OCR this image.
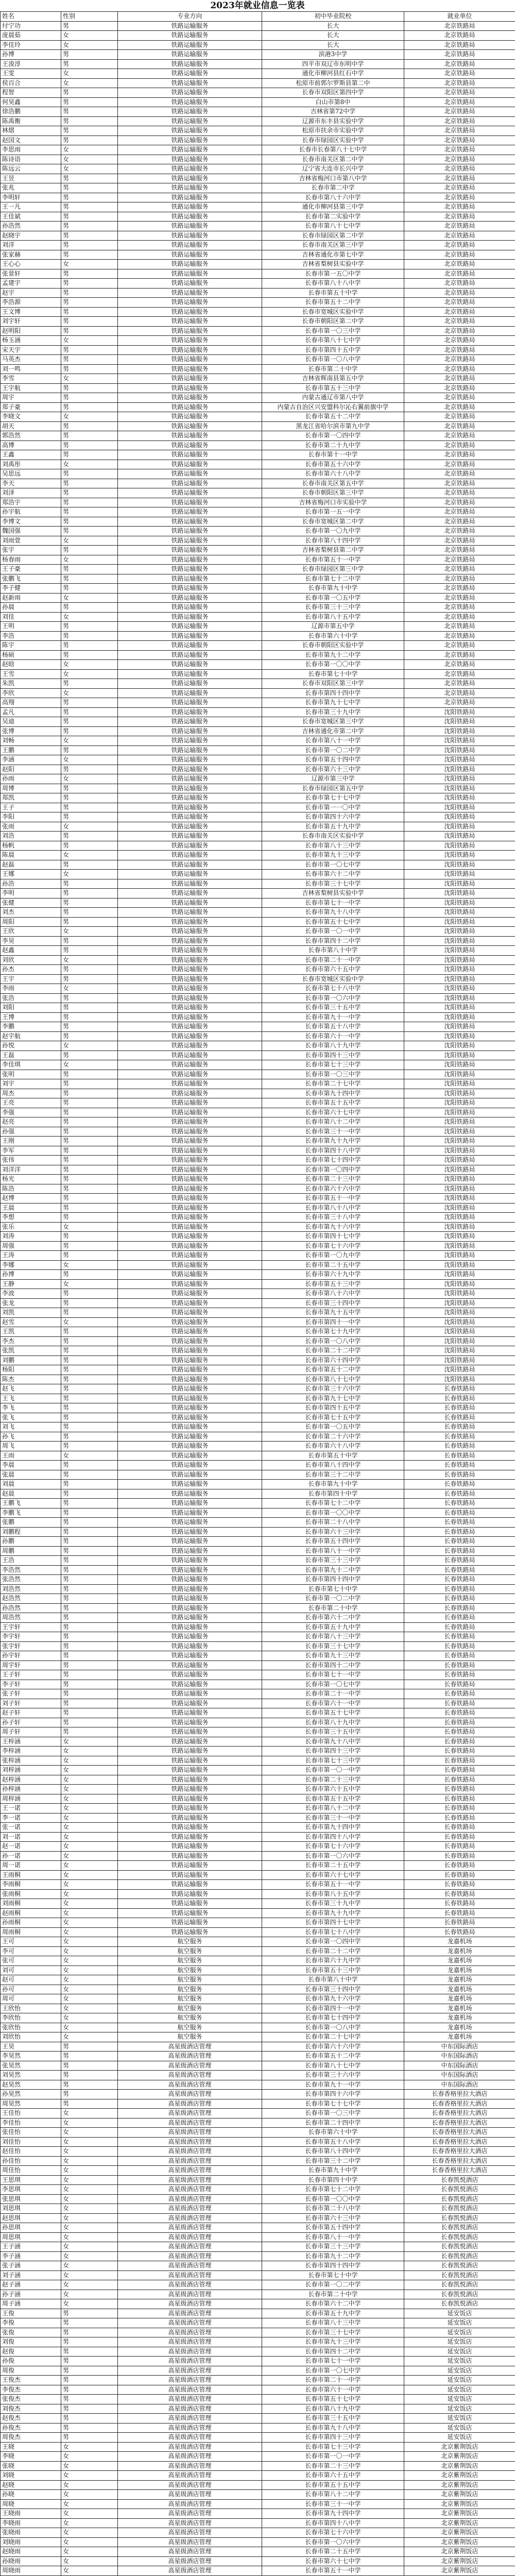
2023年就业信息一览表
姓名	性别	专业方向	初中毕业院校	就业单位
付宁功	男	铁路运输服务	长大	北京铁路局
庞晨茹	女	铁路运输服务	长大	北京铁路局
李佳玲	女	铁路运输服务	长大	北京铁路局
孙博	男	铁路运输服务	滨港3中学	北京铁路局
王浚淳	男	铁路运输服务	四平市双辽市东明中学	北京铁路局
王雯	女	铁路运输服务	通化市柳河县红石中学	北京铁路局
侯百合	女	铁路运输服务	松原市前郭尔罗斯县第二中	北京铁路局
程智	男	铁路运输服务	长春市双阳区第四中学	北京铁路局
何昊鑫	男	铁路运输服务	白山市第8中	北京铁路局
徐浩鹏	男	铁路运输服务	吉林省第72中学	北京铁路局
陈禹衡	男	铁路运输服务	辽源市东丰县实验中学	北京铁路局
林熠	男	铁路运输服务	松原市扶余市实验中学	北京铁路局
赵国文	男	铁路运输服务	长春市绿园区实验中学	北京铁路局
李思雨	女	铁路运输服务	长春市长春第八十七中学	北京铁路局
陈诗语	女	铁路运输服务	长春市南关区第二中学	北京铁路局
陈远云	女	铁路运输服务	辽宁省大连市长兴中学	北京铁路局
王昱	男	铁路运输服务	吉林省梅河口市第八中学	北京铁路局
张兆	男	铁路运输服务	长春市第二中学	北京铁路局
李明轩	男	铁路运输服务	长春市第八十六中学	北京铁路局
王一凡	男	铁路运输服务	通化市柳河县第三中学	北京铁路局
王佳斌	男	铁路运输服务	长春市第二实验中学	北京铁路局
孙浩然	男	铁路运输服务	长春市第八十七中学	北京铁路局
赵晓宇	男	铁路运输服务	长春市绿园区第二中学	北京铁路局
刘洋	男	铁路运输服务	长春市南关区第三中学	北京铁路局
张家赫	男	铁路运输服务	吉林省通化市第七中学	北京铁路局
王心心	女	铁路运输服务	吉林省梨树县实验中学	北京铁路局
张景轩	男	铁路运输服务	长春市第一五〇中学	北京铁路局
孟建宇	男	铁路运输服务	长春市第八十八中学	北京铁路局
赵宇	男	铁路运输服务	长春市第五十中学	北京铁路局
李浩源	男	铁路运输服务	长春市第五十二中学	北京铁路局
王文博	男	铁路运输服务	长春市宽城区实验中学	北京铁路局
刘宇轩	男	铁路运输服务	长春市朝阳区第二中学	北京铁路局
赵明阳	男	铁路运输服务	长春市第一〇三中学	北京铁路局
杨玉涵	女	铁路运输服务	长春市第八十七中学	北京铁路局
宋天宇	男	铁路运输服务	长春市第四十五中学	北京铁路局
马英杰	男	铁路运输服务	长春市第一〇八中学	北京铁路局
刘一鸣	男	铁路运输服务	长春市第二十中学	北京铁路局
李雪	女	铁路运输服务	吉林省辉南县第五中学	北京铁路局
王宇航	男	铁路运输服务	长春市第五十三中学	北京铁路局
周宇	男	铁路运输服务	内蒙古通辽市第八中学	北京铁路局
郑子豪	男	铁路运输服务	内蒙古自治区兴安盟科尔沁右翼前旗中学	北京铁路局
李晓文	女	铁路运输服务	长春市第五十二中学	北京铁路局
胡天	男	铁路运输服务	黑龙江省哈尔滨市第九中学	北京铁路局
郭浩然	男	铁路运输服务	长春市第一〇四中学	北京铁路局
高博	男	铁路运输服务	长春市第二十九中学	北京铁路局
王鑫	男	铁路运输服务	长春市第十一中学	北京铁路局
刘禹彤	女	铁路运输服务	长春市第五十六中学	北京铁路局
吴思远	男	铁路运输服务	长春市第六十八中学	北京铁路局
李天	男	铁路运输服务	长春市南关区第五中学	北京铁路局
刘泽	男	铁路运输服务	长春市朝阳区第三中学	北京铁路局
郑浩宇	男	铁路运输服务	吉林省梅河口市实验中学	北京铁路局
孙宇航	男	铁路运输服务	长春市第一五一中学	北京铁路局
李博文	男	铁路运输服务	长春市宽城区第二中学	北京铁路局
魏国强	男	铁路运输服务	长春市第一〇九中学	北京铁路局
刘雨萱	女	铁路运输服务	长春市第八十四中学	北京铁路局
张宇	男	铁路运输服务	吉林省梨树县第二中学	北京铁路局
杨春雨	女	铁路运输服务	长春市第五十一中学	北京铁路局
王子豪	男	铁路运输服务	长春市绿园区第三中学	北京铁路局
张鹏飞	男	铁路运输服务	长春市第七十二中学	北京铁路局
李子健	男	铁路运输服务	长春市第九十中学	北京铁路局
赵新雨	女	铁路运输服务	长春市第一〇五中学	北京铁路局
孙晨	男	铁路运输服务	长春市第三十三中学	北京铁路局
刘佳	女	铁路运输服务	长春市第八十五中学	北京铁路局
王明	男	铁路运输服务	辽源市第五中学	北京铁路局
李浩	男	铁路运输服务	长春市第六十中学	北京铁路局
陈宇	男	铁路运输服务	长春市朝阳区实验中学	北京铁路局
杨硕	男	铁路运输服务	长春市第九十二中学	北京铁路局
赵晗	女	铁路运输服务	长春市第一〇〇中学	北京铁路局
王雪	女	铁路运输服务	长春市第七十中学	北京铁路局
朱凯	男	铁路运输服务	长春市双阳区第三中学	北京铁路局
李欣	女	铁路运输服务	长春市第四十四中学	北京铁路局
高翔	男	铁路运输服务	长春市第九十七中学	北京铁路局
孟凡	男	铁路运输服务	长春市第三十九中学	沈阳铁路局
吴迪	男	铁路运输服务	长春市宽城区第三中学	沈阳铁路局
张博	男	铁路运输服务	吉林省通化市第二中学	沈阳铁路局
刘畅	女	铁路运输服务	长春市第八十一中学	沈阳铁路局
王鹏	男	铁路运输服务	长春市第一〇二中学	沈阳铁路局
李涵	女	铁路运输服务	长春市第五十四中学	沈阳铁路局
赵阳	男	铁路运输服务	长春市第六十三中学	沈阳铁路局
孙雨	女	铁路运输服务	辽源市第三中学	沈阳铁路局
周博	男	铁路运输服务	长春市绿园区第五中学	沈阳铁路局
郑凯	男	铁路运输服务	长春市第七十七中学	沈阳铁路局
王子	男	铁路运输服务	长春市第一一〇中学	沈阳铁路局
李阳	男	铁路运输服务	长春市第四十六中学	沈阳铁路局
张雨	女	铁路运输服务	长春市第五十九中学	沈阳铁路局
刘浩	男	铁路运输服务	长春市南关区实验中学	沈阳铁路局
杨帆	男	铁路运输服务	长春市第八十三中学	沈阳铁路局
陈晨	女	铁路运输服务	长春市第九十三中学	沈阳铁路局
赵磊	男	铁路运输服务	长春市第一〇七中学	沈阳铁路局
王娜	女	铁路运输服务	长春市第六十二中学	沈阳铁路局
孙浩	男	铁路运输服务	长春市第三十七中学	沈阳铁路局
李明	男	铁路运输服务	吉林省梨树县实验中学	沈阳铁路局
张健	男	铁路运输服务	长春市第七十一中学	沈阳铁路局
刘杰	男	铁路运输服务	长春市第九十八中学	沈阳铁路局
周阳	男	铁路运输服务	长春市第五十七中学	沈阳铁路局
王欣	女	铁路运输服务	长春市第一〇一中学	沈阳铁路局
李昊	男	铁路运输服务	长春市第四十二中学	沈阳铁路局
赵鑫	男	铁路运输服务	长春市第八十中学	沈阳铁路局
刘欣	女	铁路运输服务	长春市第二十一中学	沈阳铁路局
孙杰	男	铁路运输服务	长春市第六十五中学	沈阳铁路局
王宇	男	铁路运输服务	长春市宽城区实验中学	沈阳铁路局
李雨	女	铁路运输服务	长春市第七十八中学	沈阳铁路局
张浩	男	铁路运输服务	长春市第一〇六中学	沈阳铁路局
刘阳	男	铁路运输服务	长春市第三十五中学	沈阳铁路局
王博	男	铁路运输服务	长春市第九十一中学	沈阳铁路局
李鹏	男	铁路运输服务	长春市第五十八中学	沈阳铁路局
赵宇航	男	铁路运输服务	长春市第六十一中学	沈阳铁路局
孙悦	女	铁路运输服务	长春市第八十九中学	沈阳铁路局
王磊	男	铁路运输服务	长春市第四十三中学	沈阳铁路局
李佳琪	女	铁路运输服务	长春市第七十三中学	沈阳铁路局
张明	男	铁路运输服务	长春市第一〇三中学	沈阳铁路局
刘宇	男	铁路运输服务	长春市第二十七中学	沈阳铁路局
周杰	男	铁路运输服务	长春市第九十四中学	沈阳铁路局
王亮	男	铁路运输服务	长春市第五十五中学	沈阳铁路局
李强	男	铁路运输服务	长春市第六十七中学	沈阳铁路局
赵亮	男	铁路运输服务	长春市第八十二中学	沈阳铁路局
孙强	男	铁路运输服务	长春市第三十一中学	沈阳铁路局
王刚	男	铁路运输服务	长春市第九十九中学	沈阳铁路局
李军	男	铁路运输服务	长春市第四十八中学	沈阳铁路局
张伟	男	铁路运输服务	长春市第七十四中学	沈阳铁路局
刘洋洋	男	铁路运输服务	长春市第一〇四中学	沈阳铁路局
杨光	男	铁路运输服务	长春市第二十三中学	沈阳铁路局
陈浩	男	铁路运输服务	长春市第六十六中学	沈阳铁路局
赵博	男	铁路运输服务	长春市第五十一中学	沈阳铁路局
王晨	男	铁路运输服务	长春市第八十八中学	沈阳铁路局
李想	男	铁路运输服务	长春市第三十八中学	沈阳铁路局
张乐	女	铁路运输服务	长春市第九十六中学	沈阳铁路局
刘涛	男	铁路运输服务	长春市第四十七中学	沈阳铁路局
周强	男	铁路运输服务	长春市第七十六中学	沈阳铁路局
王涛	男	铁路运输服务	长春市第一〇九中学	沈阳铁路局
李娜	女	铁路运输服务	长春市第二十五中学	沈阳铁路局
孙博	男	铁路运输服务	长春市第六十九中学	沈阳铁路局
王静	女	铁路运输服务	长春市第五十三中学	沈阳铁路局
李波	男	铁路运输服务	长春市第八十六中学	沈阳铁路局
张龙	男	铁路运输服务	长春市第三十四中学	沈阳铁路局
刘凯	男	铁路运输服务	长春市第九十五中学	沈阳铁路局
赵雪	女	铁路运输服务	长春市第四十一中学	沈阳铁路局
王凯	男	铁路运输服务	长春市第七十九中学	沈阳铁路局
李杰	男	铁路运输服务	长春市第一〇八中学	沈阳铁路局
张凯	男	铁路运输服务	长春市第二十二中学	沈阳铁路局
刘鹏	男	铁路运输服务	长春市第六十四中学	沈阳铁路局
杨阳	男	铁路运输服务	长春市第五十二中学	沈阳铁路局
陈杰	男	铁路运输服务	长春市第八十七中学	沈阳铁路局
赵飞	男	铁路运输服务	长春市第三十六中学	长春铁路局
王飞	男	铁路运输服务	长春市第九十七中学	长春铁路局
李飞	男	铁路运输服务	长春市第四十五中学	长春铁路局
张飞	男	铁路运输服务	长春市第七十五中学	长春铁路局
刘飞	男	铁路运输服务	长春市第一〇五中学	长春铁路局
孙飞	男	铁路运输服务	长春市第二十六中学	长春铁路局
周飞	男	铁路运输服务	长春市第六十八中学	长春铁路局
王雨	女	铁路运输服务	长春市第五十中学	长春铁路局
李晨	男	铁路运输服务	长春市第八十四中学	长春铁路局
张晨	男	铁路运输服务	长春市第三十二中学	长春铁路局
刘晨	男	铁路运输服务	长春市第九十中学	长春铁路局
赵晨	男	铁路运输服务	长春市第四十中学	长春铁路局
王鹏飞	男	铁路运输服务	长春市第七十二中学	长春铁路局
李鹏飞	男	铁路运输服务	长春市第一〇〇中学	长春铁路局
张鹏	男	铁路运输服务	长春市第二十八中学	长春铁路局
刘鹏程	男	铁路运输服务	长春市第六十三中学	长春铁路局
孙鹏	男	铁路运输服务	长春市第五十四中学	长春铁路局
周鹏	男	铁路运输服务	长春市第八十一中学	长春铁路局
王浩	男	铁路运输服务	长春市第三十三中学	长春铁路局
李浩然	男	铁路运输服务	长春市第九十二中学	长春铁路局
张浩然	男	铁路运输服务	长春市第四十四中学	长春铁路局
刘浩然	男	铁路运输服务	长春市第七十中学	长春铁路局
赵浩然	男	铁路运输服务	长春市第一〇二中学	长春铁路局
孙浩然	男	铁路运输服务	长春市第二十中学	长春铁路局
周浩然	男	铁路运输服务	长春市第六十二中学	长春铁路局
王宇轩	男	铁路运输服务	长春市第五十九中学	长春铁路局
李宇轩	男	铁路运输服务	长春市第八十三中学	长春铁路局
张宇轩	男	铁路运输服务	长春市第三十七中学	长春铁路局
孙宇轩	男	铁路运输服务	长春市第九十三中学	长春铁路局
周宇轩	男	铁路运输服务	长春市第四十二中学	长春铁路局
王子轩	男	铁路运输服务	长春市第七十一中学	长春铁路局
李子轩	男	铁路运输服务	长春市第一〇七中学	长春铁路局
张子轩	男	铁路运输服务	长春市第二十一中学	长春铁路局
刘子轩	男	铁路运输服务	长春市第六十一中学	长春铁路局
赵子轩	男	铁路运输服务	长春市第五十七中学	长春铁路局
孙子轩	男	铁路运输服务	长春市第八十九中学	长春铁路局
周子轩	男	铁路运输服务	长春市第三十五中学	长春铁路局
王梓涵	女	铁路运输服务	长春市第九十八中学	长春铁路局
李梓涵	女	铁路运输服务	长春市第四十三中学	长春铁路局
张梓涵	女	铁路运输服务	长春市第七十三中学	长春铁路局
刘梓涵	女	铁路运输服务	长春市第一〇一中学	长春铁路局
赵梓涵	女	铁路运输服务	长春市第二十三中学	长春铁路局
孙梓涵	女	铁路运输服务	长春市第六十五中学	长春铁路局
周梓涵	女	铁路运输服务	长春市第五十五中学	长春铁路局
王一诺	女	铁路运输服务	长春市第八十二中学	长春铁路局
李一诺	女	铁路运输服务	长春市第三十一中学	长春铁路局
张一诺	女	铁路运输服务	长春市第九十四中学	长春铁路局
刘一诺	女	铁路运输服务	长春市第四十八中学	长春铁路局
赵一诺	女	铁路运输服务	长春市第七十六中学	长春铁路局
孙一诺	女	铁路运输服务	长春市第一〇六中学	长春铁路局
周一诺	女	铁路运输服务	长春市第二十五中学	长春铁路局
王雨桐	女	铁路运输服务	长春市第六十七中学	长春铁路局
李雨桐	女	铁路运输服务	长春市第五十一中学	长春铁路局
张雨桐	女	铁路运输服务	长春市第八十五中学	长春铁路局
刘雨桐	女	铁路运输服务	长春市第三十九中学	长春铁路局
赵雨桐	女	铁路运输服务	长春市第九十九中学	长春铁路局
孙雨桐	女	铁路运输服务	长春市第四十七中学	长春铁路局
周雨桐	女	铁路运输服务	长春市第七十八中学	长春铁路局
王可	女	航空服务	长春市第一〇四中学	龙嘉机场
李可	女	航空服务	长春市第二十二中学	龙嘉机场
张可	女	航空服务	长春市第六十九中学	龙嘉机场
刘可	女	航空服务	长春市第五十三中学	龙嘉机场
赵可	女	航空服务	长春市第八十中学	龙嘉机场
孙可	女	航空服务	长春市第三十四中学	龙嘉机场
周可	女	航空服务	长春市第九十六中学	龙嘉机场
王欣怡	女	航空服务	长春市第四十一中学	龙嘉机场
李欣怡	女	航空服务	长春市第七十四中学	龙嘉机场
张欣怡	女	航空服务	长春市第一〇八中学	龙嘉机场
刘欣怡	女	航空服务	长春市第二十七中学	龙嘉机场
王昊	男	高星级酒店管理	长春市第六十六中学	中东国际酒店
李昊然	男	高星级酒店管理	长春市第五十二中学	中东国际酒店
张昊然	男	高星级酒店管理	长春市第八十七中学	中东国际酒店
刘昊然	男	高星级酒店管理	长春市第三十六中学	中东国际酒店
赵昊然	男	高星级酒店管理	长春市第九十一中学	中东国际酒店
孙昊然	男	高星级酒店管理	长春市第四十六中学	长春香格里拉大酒店
周昊然	男	高星级酒店管理	长春市第七十七中学	长春香格里拉大酒店
王佳怡	女	高星级酒店管理	长春市第一〇三中学	长春香格里拉大酒店
李佳怡	女	高星级酒店管理	长春市第二十四中学	长春香格里拉大酒店
张佳怡	女	高星级酒店管理	长春市第六十中学	长春香格里拉大酒店
刘佳怡	女	高星级酒店管理	长春市第五十八中学	长春香格里拉大酒店
赵佳怡	女	高星级酒店管理	长春市第八十四中学	长春香格里拉大酒店
孙佳怡	女	高星级酒店管理	长春市第三十二中学	长春香格里拉大酒店
周佳怡	女	高星级酒店管理	长春市第九十中学	长春香格里拉大酒店
王思琪	女	高星级酒店管理	长春市第四十中学	长春凯悦酒店
李思琪	女	高星级酒店管理	长春市第七十二中学	长春凯悦酒店
张思琪	女	高星级酒店管理	长春市第一〇〇中学	长春凯悦酒店
刘思琪	女	高星级酒店管理	长春市第二十八中学	长春凯悦酒店
赵思琪	女	高星级酒店管理	长春市第六十三中学	长春凯悦酒店
孙思琪	女	高星级酒店管理	长春市第五十四中学	长春凯悦酒店
周思琪	女	高星级酒店管理	长春市第八十一中学	长春凯悦酒店
王子涵	女	高星级酒店管理	长春市第三十三中学	长春凯悦酒店
李子涵	女	高星级酒店管理	长春市第九十二中学	长春凯悦酒店
张子涵	女	高星级酒店管理	长春市第四十四中学	长春凯悦酒店
刘子涵	女	高星级酒店管理	长春市第七十中学	长春凯悦酒店
赵子涵	女	高星级酒店管理	长春市第一〇二中学	长春凯悦酒店
孙子涵	女	高星级酒店管理	长春市第二十中学	长春凯悦酒店
周子涵	女	高星级酒店管理	长春市第六十二中学	长春凯悦酒店
王俊	男	高星级酒店管理	长春市第五十九中学	延安饭店
李俊	男	高星级酒店管理	长春市第八十三中学	延安饭店
张俊	男	高星级酒店管理	长春市第三十七中学	延安饭店
刘俊	男	高星级酒店管理	长春市第九十三中学	延安饭店
赵俊	男	高星级酒店管理	长春市第四十二中学	延安饭店
孙俊	男	高星级酒店管理	长春市第七十一中学	延安饭店
周俊	男	高星级酒店管理	长春市第一〇七中学	延安饭店
王俊杰	男	高星级酒店管理	长春市第二十一中学	延安饭店
李俊杰	男	高星级酒店管理	长春市第六十一中学	延安饭店
张俊杰	男	高星级酒店管理	长春市第五十七中学	延安饭店
刘俊杰	男	高星级酒店管理	长春市第八十九中学	延安饭店
赵俊杰	男	高星级酒店管理	长春市第三十五中学	延安饭店
孙俊杰	男	高星级酒店管理	长春市第九十八中学	延安饭店
周俊杰	男	高星级酒店管理	长春市第四十三中学	延安饭店
王晓	女	高星级酒店管理	长春市第七十三中学	北京紫荆饭店
李晓	女	高星级酒店管理	长春市第一〇一中学	北京紫荆饭店
张晓	女	高星级酒店管理	长春市第二十三中学	北京紫荆饭店
刘晓	女	高星级酒店管理	长春市第六十五中学	北京紫荆饭店
赵晓	女	高星级酒店管理	长春市第五十五中学	北京紫荆饭店
孙晓	女	高星级酒店管理	长春市第八十二中学	北京紫荆饭店
周晓	女	高星级酒店管理	长春市第三十一中学	北京紫荆饭店
王晓雨	女	高星级酒店管理	长春市第九十四中学	北京紫荆饭店
李晓雨	女	高星级酒店管理	长春市第四十八中学	北京紫荆饭店
张晓雨	女	高星级酒店管理	长春市第七十六中学	北京紫荆饭店
刘晓雨	女	高星级酒店管理	长春市第一〇六中学	北京紫荆饭店
赵晓雨	女	高星级酒店管理	长春市第二十五中学	北京紫荆饭店
孙晓雨	女	高星级酒店管理	长春市第六十七中学	北京紫荆饭店
周晓雨	女	高星级酒店管理	长春市第五十一中学	北京紫荆饭店
